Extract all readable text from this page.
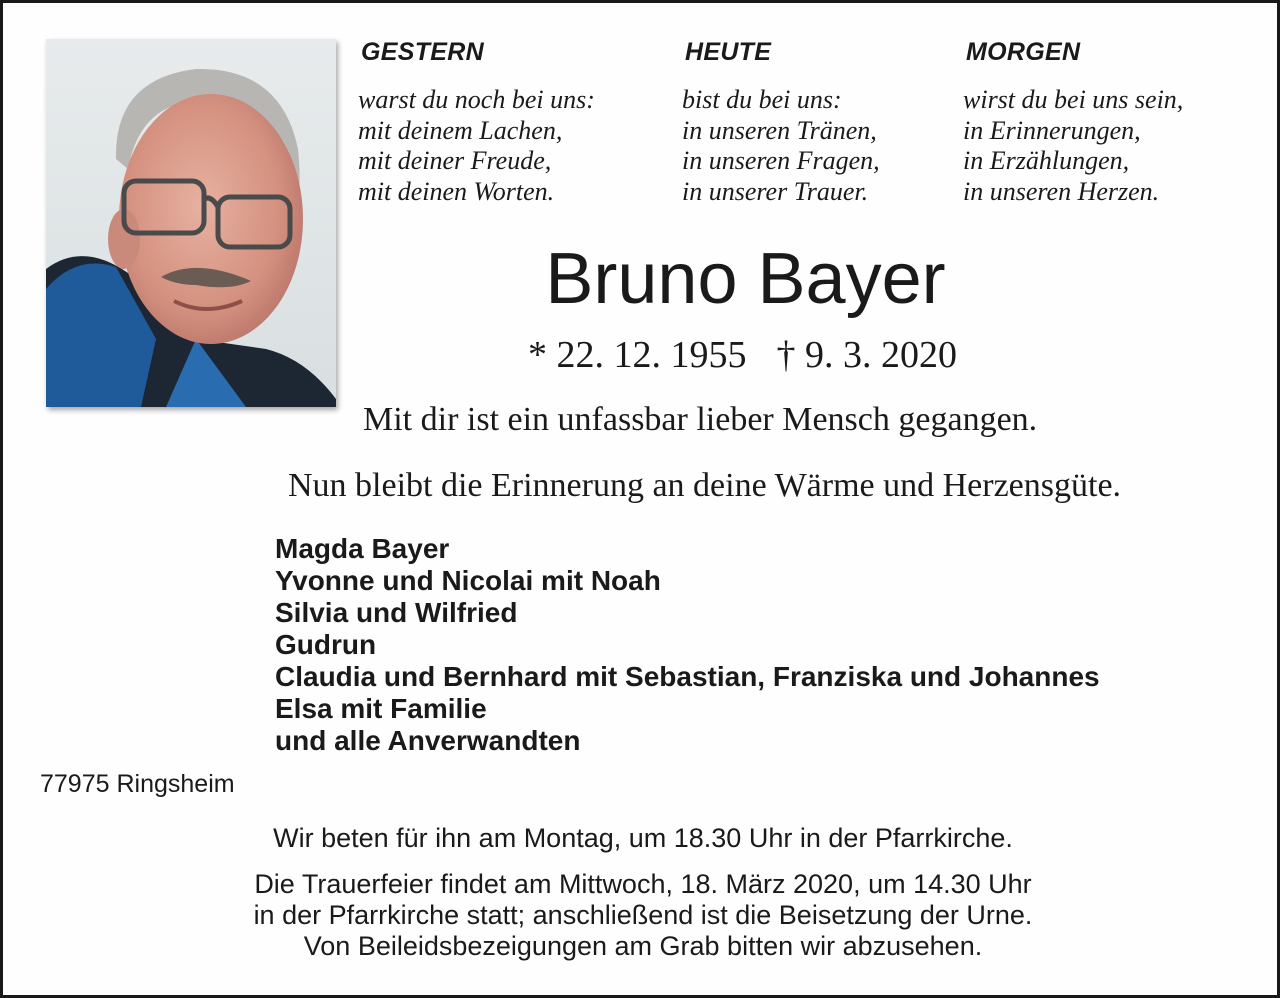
GESTERN
warst du noch bei uns:
mit deinem Lachen,
mit deiner Freude,
mit deinen Worten.
HEUTE
bist du bei uns:
in unseren Tränen,
in unseren Fragen,
in unserer Trauer.
MORGEN
wirst du bei uns sein,
in Erinnerungen,
in Erzählungen,
in unseren Herzen.
Bruno Bayer
* 22. 12. 1955 † 9. 3. 2020
Mit dir ist ein unfassbar lieber Mensch gegangen.
Nun bleibt die Erinnerung an deine Wärme und Herzensgüte.
Magda Bayer
Yvonne und Nicolai mit Noah
Silvia und Wilfried
Gudrun
Claudia und Bernhard mit Sebastian, Franziska und Johannes
Elsa mit Familie
und alle Anverwandten
77975 Ringsheim
Wir beten für ihn am Montag, um 18.30 Uhr in der Pfarrkirche.
Die Trauerfeier findet am Mittwoch, 18. März 2020, um 14.30 Uhr
in der Pfarrkirche statt; anschließend ist die Beisetzung der Urne.
Von Beileidsbezeigungen am Grab bitten wir abzusehen.
